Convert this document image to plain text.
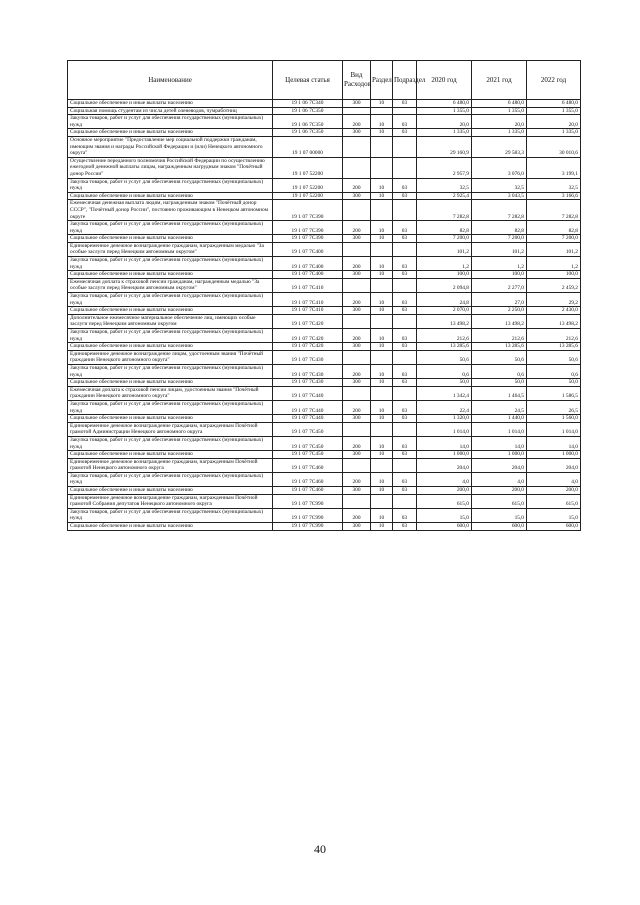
Наименование	Целевая статья	Вид Расходов	Раздел	Подраздел	2020 год	2021 год	2022 год
Социальное обеспечение и иные выплаты населению	19 1 06 7С340	300	10	03	6 480,0	6 480,0	6 480,0
Социальная помощь студентам из числа детей оленеводов, чумработниц	19 1 06 7С350				1 355,0	1 355,0	1 355,0
Закупка товаров, работ и услуг для обеспечения государственных (муниципальных) нужд	19 1 06 7С350	200	10	03	20,0	20,0	20,0
Социальное обеспечение и иные выплаты населению	19 1 06 7С350	300	10	03	1 335,0	1 335,0	1 335,0
Основное мероприятие "Предоставление мер социальной поддержки гражданам, имеющим звания и награды Российской Федерации и (или) Ненецкого автономного округа"	19 1 07 00000				29 160,9	29 583,3	30 010,6
Осуществление переданного полномочия Российской Федерации по осуществлению ежегодной денежной выплаты лицам, награжденным нагрудным знаком "Почётный донор России"	19 1 07 52200				2 957,9	3 076,0	3 199,1
Закупка товаров, работ и услуг для обеспечения государственных (муниципальных) нужд	19 1 07 52200	200	10	03	32,5	32,5	32,5
Социальное обеспечение и иные выплаты населению	19 1 07 52200	300	10	03	2 925,4	3 043,5	3 166,6
Ежемесячная денежная выплата людям, награжденным знаком "Почётный донор СССР", "Почётный донор России", постоянно проживающим в Ненецком автономном округе	19 1 07 7С390				7 282,8	7 282,8	7 282,8
Закупка товаров, работ и услуг для обеспечения государственных (муниципальных) нужд	19 1 07 7С390	200	10	03	82,8	82,8	82,8
Социальное обеспечение и иные выплаты населению	19 1 07 7С390	300	10	03	7 200,0	7 200,0	7 200,0
Единовременное денежное вознаграждение гражданам, награжденным медалью "За особые заслуги перед Ненецким автономным округом"	19 1 07 7С400				101,2	101,2	101,2
Закупка товаров, работ и услуг для обеспечения государственных (муниципальных) нужд	19 1 07 7С400	200	10	03	1,2	1,2	1,2
Социальное обеспечение и иные выплаты населению	19 1 07 7С400	300	10	03	100,0	100,0	100,0
Ежемесячная доплата к страховой пенсии гражданам, награжденным медалью "За особые заслуги перед Ненецким автономным округом"	19 1 07 7С410				2 094,8	2 277,0	2 459,2
Закупка товаров, работ и услуг для обеспечения государственных (муниципальных) нужд	19 1 07 7С410	200	10	03	24,8	27,0	29,2
Социальное обеспечение и иные выплаты населению	19 1 07 7С410	300	10	03	2 070,0	2 250,0	2 430,0
Дополнительное ежемесячное материальное обеспечение лиц, имеющих особые заслуги перед Ненецким автономным округом	19 1 07 7С420				13 498,2	13 498,2	13 498,2
Закупка товаров, работ и услуг для обеспечения государственных (муниципальных) нужд	19 1 07 7С420	200	10	03	212,6	212,6	212,6
Социальное обеспечение и иные выплаты населению	19 1 07 7С420	300	10	03	13 285,6	13 285,6	13 285,6
Единовременное денежное вознаграждение лицам, удостоенным звания "Почётный гражданин Ненецкого автономного округа"	19 1 07 7С430				50,6	50,6	50,6
Закупка товаров, работ и услуг для обеспечения государственных (муниципальных) нужд	19 1 07 7С430	200	10	03	0,6	0,6	0,6
Социальное обеспечение и иные выплаты населению	19 1 07 7С430	300	10	03	50,0	50,0	50,0
Ежемесячная доплата к страховой пенсии лицам, удостоенным звания "Почётный гражданин Ненецкого автономного округа"	19 1 07 7С440				1 342,4	1 464,5	1 586,5
Закупка товаров, работ и услуг для обеспечения государственных (муниципальных) нужд	19 1 07 7С440	200	10	03	22,4	24,5	26,5
Социальное обеспечение и иные выплаты населению	19 1 07 7С440	300	10	03	1 320,0	1 440,0	1 560,0
Единовременное денежное вознаграждение гражданам, награжденным Почётной грамотой Администрации Ненецкого автономного округа	19 1 07 7С450				1 014,0	1 014,0	1 014,0
Закупка товаров, работ и услуг для обеспечения государственных (муниципальных) нужд	19 1 07 7С450	200	10	03	14,0	14,0	14,0
Социальное обеспечение и иные выплаты населению	19 1 07 7С450	300	10	03	1 000,0	1 000,0	1 000,0
Единовременное денежное вознаграждение гражданам, награжденным Почётной грамотой Ненецкого автономного округа	19 1 07 7С460				204,0	204,0	204,0
Закупка товаров, работ и услуг для обеспечения государственных (муниципальных) нужд	19 1 07 7С460	200	10	03	4,0	4,0	4,0
Социальное обеспечение и иные выплаты населению	19 1 07 7С460	300	10	03	200,0	200,0	200,0
Единовременное денежное вознаграждение гражданам, награжденным Почётной грамотой Собрания депутатов Ненецкого автономного округа	19 1 07 7С990				615,0	615,0	615,0
Закупка товаров, работ и услуг для обеспечения государственных (муниципальных) нужд	19 1 07 7С990	200	10	03	15,0	15,0	15,0
Социальное обеспечение и иные выплаты населению	19 1 07 7С990	300	10	03	600,0	600,0	600,0
40
